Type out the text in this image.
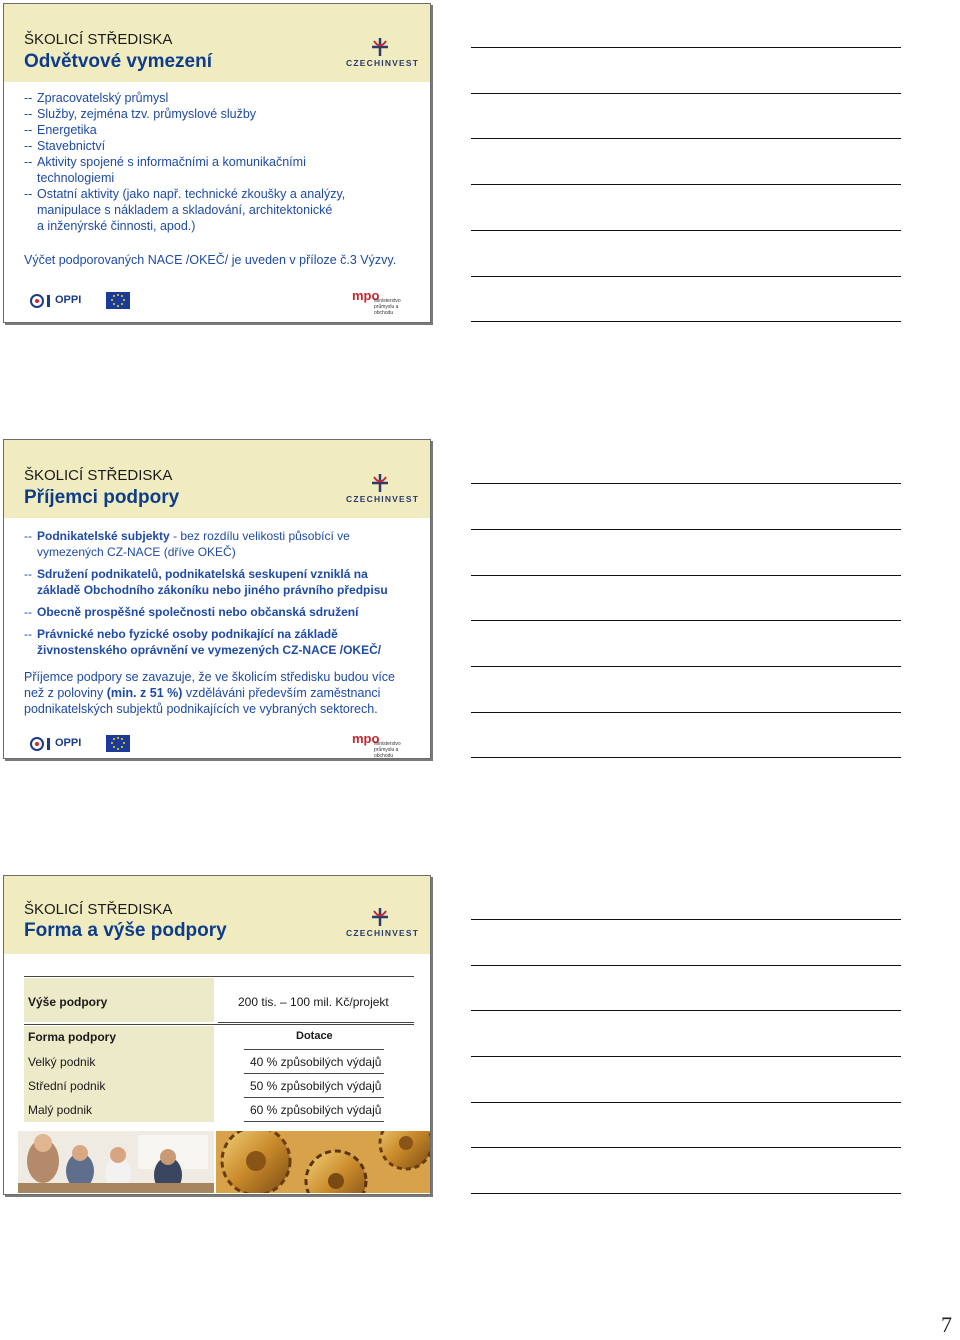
ŠKOLICÍ STŘEDISKA
Odvětvové vymezení	CZECHINVEST
-- Zpracovatelský průmysl
-- Služby, zejména tzv. průmyslové služby
-- Energetika
-- Stavebnictví
-- Aktivity spojené s informačními a komunikačními
technologiemi
-- Ostatní aktivity (jako např. technické zkoušky a analýzy,
manipulace s nákladem a skladování, architektonické
a inženýrské činnosti, apod.)
Výčet podporovaných NACE /OKEČ/ je uveden v příloze č.3 Výzvy.
OPPI	mpo
Ministerstvo průmyslu a obchodu
ŠKOLICÍ STŘEDISKA
Příjemci podpory	CZECHINVEST
-- Podnikatelské subjekty - bez rozdílu velikosti působící ve
vymezených CZ-NACE (dříve OKEČ)
-- Sdružení podnikatelů, podnikatelská seskupení vzniklá na
základě Obchodního zákoníku nebo jiného právního předpisu
-- Obecně prospěšné společnosti nebo občanská sdružení
-- Právnické nebo fyzické osoby podnikající na základě
živnostenského oprávnění ve vymezených CZ-NACE /OKEČ/
Příjemce podpory se zavazuje, že ve školicím středisku budou více
než z poloviny (min. z 51 %) vzděláváni především zaměstnanci
podnikatelských subjektů podnikajících ve vybraných sektorech.
OPPI	mpo
Ministerstvo průmyslu a obchodu
ŠKOLICÍ STŘEDISKA
Forma a výše podpory	CZECHINVEST
Výše podpory	200 tis. – 100 mil. Kč/projekt
Forma podpory	Dotace
Velký podnik	40 % způsobilých výdajů
Střední podnik	50 % způsobilých výdajů
Malý podnik	60 % způsobilých výdajů
7
